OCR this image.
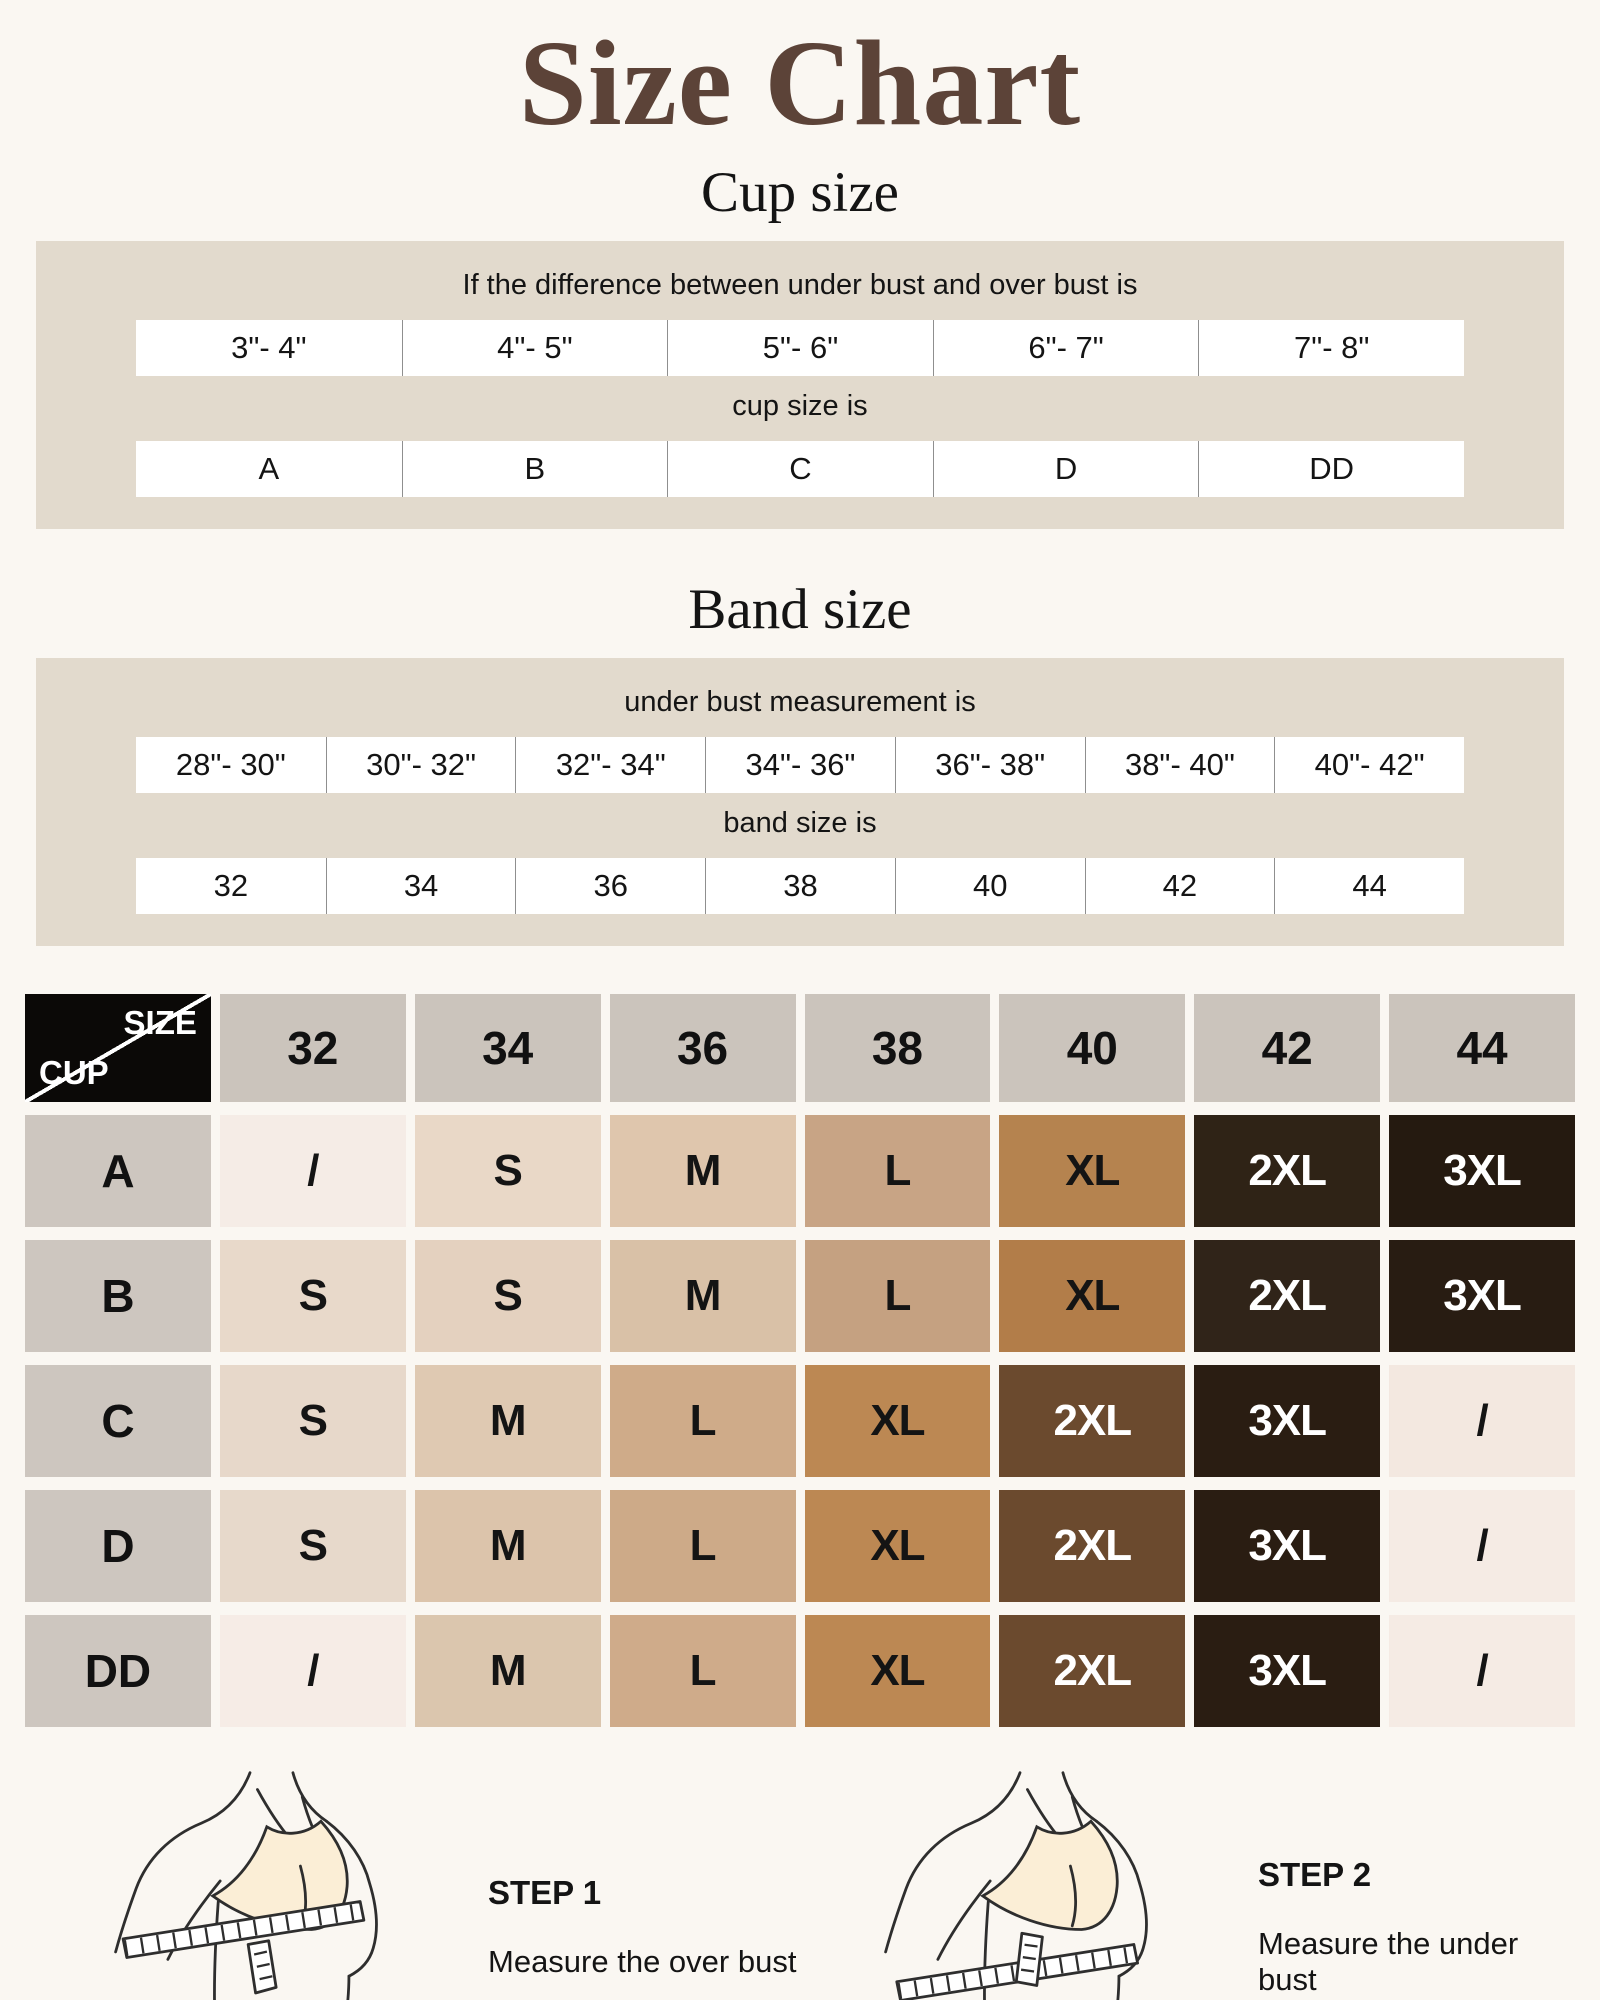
Size Chart
Cup size
If the difference between under bust and over bust is
3"- 4"	4"- 5"	5"- 6"	6"- 7"	7"- 8"
cup size is
A	B	C	D	DD
Band size
under bust measurement is
28"- 30"	30"- 32"	32"- 34"	34"- 36"	36"- 38"	38"- 40"	40"- 42"
band size is
32	34	36	38	40	42	44
SIZE
CUP	32	34	36	38	40	42	44
A	/	S	M	L	XL	2XL	3XL
B	S	S	M	L	XL	2XL	3XL
C	S	M	L	XL	2XL	3XL	/
D	S	M	L	XL	2XL	3XL	/
DD	/	M	L	XL	2XL	3XL	/
STEP 1
Measure the over bust
STEP 2
Measure the under bust
